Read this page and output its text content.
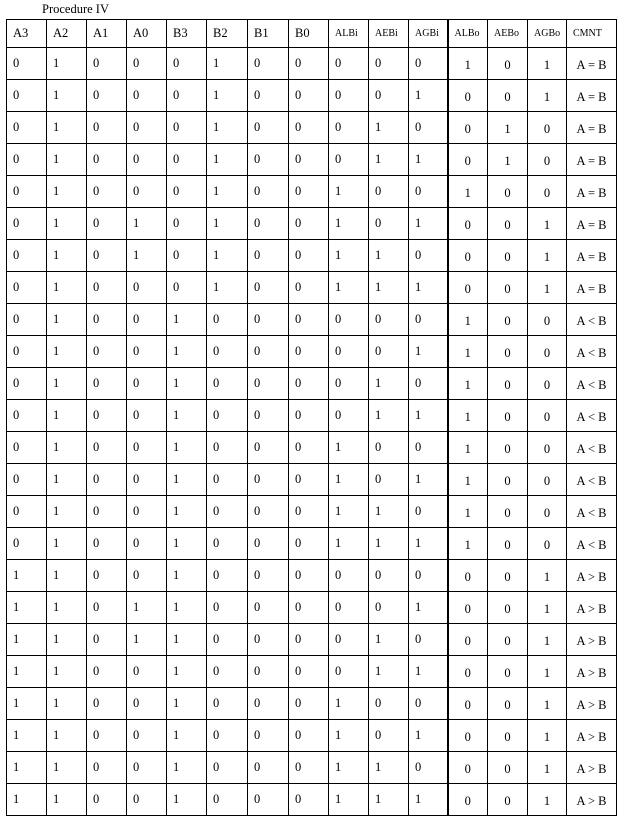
Procedure IV
A3	A2	A1	A0	B3	B2	B1	B0	ALBi	AEBi	AGBi	ALBo	AEBo	AGBo	CMNT
0	1	0	0	0	1	0	0	0	0	0	1	0	1	A = B
0	1	0	0	0	1	0	0	0	0	1	0	0	1	A = B
0	1	0	0	0	1	0	0	0	1	0	0	1	0	A = B
0	1	0	0	0	1	0	0	0	1	1	0	1	0	A = B
0	1	0	0	0	1	0	0	1	0	0	1	0	0	A = B
0	1	0	1	0	1	0	0	1	0	1	0	0	1	A = B
0	1	0	1	0	1	0	0	1	1	0	0	0	1	A = B
0	1	0	0	0	1	0	0	1	1	1	0	0	1	A = B
0	1	0	0	1	0	0	0	0	0	0	1	0	0	A < B
0	1	0	0	1	0	0	0	0	0	1	1	0	0	A < B
0	1	0	0	1	0	0	0	0	1	0	1	0	0	A < B
0	1	0	0	1	0	0	0	0	1	1	1	0	0	A < B
0	1	0	0	1	0	0	0	1	0	0	1	0	0	A < B
0	1	0	0	1	0	0	0	1	0	1	1	0	0	A < B
0	1	0	0	1	0	0	0	1	1	0	1	0	0	A < B
0	1	0	0	1	0	0	0	1	1	1	1	0	0	A < B
1	1	0	0	1	0	0	0	0	0	0	0	0	1	A > B
1	1	0	1	1	0	0	0	0	0	1	0	0	1	A > B
1	1	0	1	1	0	0	0	0	1	0	0	0	1	A > B
1	1	0	0	1	0	0	0	0	1	1	0	0	1	A > B
1	1	0	0	1	0	0	0	1	0	0	0	0	1	A > B
1	1	0	0	1	0	0	0	1	0	1	0	0	1	A > B
1	1	0	0	1	0	0	0	1	1	0	0	0	1	A > B
1	1	0	0	1	0	0	0	1	1	1	0	0	1	A > B
